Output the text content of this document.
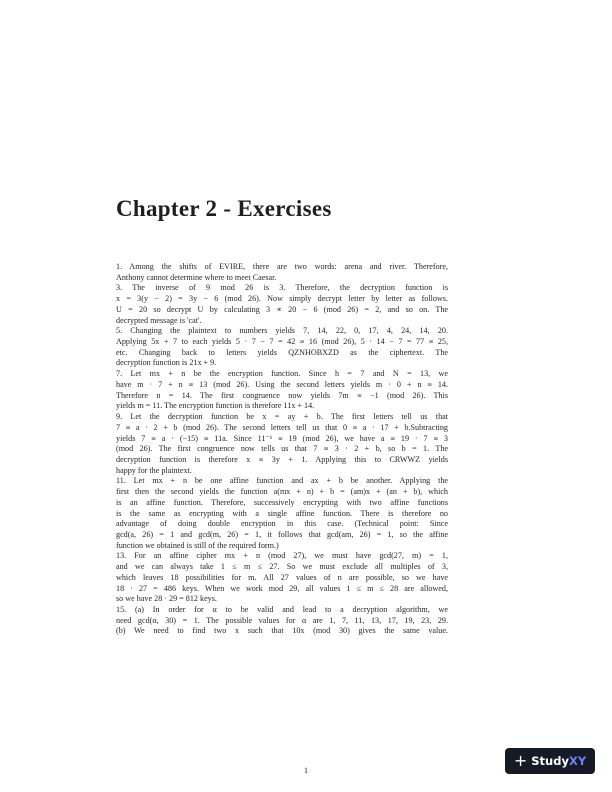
Chapter 2 - Exercises
1. Among the shifts of EVIRE, there are two words: arena and river. Therefore,
Anthony cannot determine where to meet Caesar.
3. The inverse of 9 mod 26 is 3. Therefore, the decryption function is
x = 3(y − 2) = 3y − 6 (mod 26). Now simply decrypt letter by letter as follows.
U = 20 so decrypt U by calculating 3 ∗ 20 − 6 (mod 26) = 2, and so on. The
decrypted message is 'cat'.
5. Changing the plaintext to numbers yields 7, 14, 22, 0, 17, 4, 24, 14, 20.
Applying 5x + 7 to each yields 5 · 7 − 7 = 42 ≡ 16 (mod 26), 5 · 14 − 7 = 77 ≡ 25,
etc. Changing back to letters yields QZNHOBXZD as the ciphertext. The
decryption function is 21x + 9.
7. Let mx + n be the encryption function. Since h = 7 and N = 13, we
have m · 7 + n ≡ 13 (mod 26). Using the second letters yields m · 0 + n ≡ 14.
Therefore n = 14. The first congruence now yields 7m ≡ −1 (mod 26). This
yields m = 11. The encryption function is therefore 11x + 14.
9. Let the decryption function be x = ay + b. The first letters tell us that
7 ≡ a · 2 + b (mod 26). The second letters tell us that 0 ≡ a · 17 + b.Subtracting
yields 7 ≡ a · (−15) ≡ 11a. Since 11⁻¹ ≡ 19 (mod 26), we have a ≡ 19 · 7 ≡ 3
(mod 26). The first congruence now tells us that 7 ≡ 3 · 2 + b, so b = 1. The
decryption function is therefore x ≡ 3y + 1. Applying this to CRWWZ yields
happy for the plaintext.
11. Let mx + n be one affine function and ax + b be another. Applying the
first then the second yields the function a(mx + n) + b = (am)x + (an + b), which
is an affine function. Therefore, successively encrypting with two affine functions
is the same as encrypting with a single affine function. There is therefore no
advantage of doing double encryption in this case. (Technical point: Since
gcd(a, 26) = 1 and gcd(m, 26) = 1, it follows that gcd(am, 26) = 1, so the affine
function we obtained is still of the required form.)
13. For an affine cipher mx + n (mod 27), we must have gcd(27, m) = 1,
and we can always take 1 ≤ m ≤ 27. So we must exclude all multiples of 3,
which leaves 18 possibilities for m. All 27 values of n are possible, so we have
18 · 27 = 486 keys. When we work mod 29, all values 1 ≤ m ≤ 28 are allowed,
so we have 28 · 29 = 812 keys.
15. (a) In order for α to be valid and lead to a decryption algorithm, we
need gcd(α, 30) = 1. The possible values for α are 1, 7, 11, 13, 17, 19, 23, 29.
(b) We need to find two x such that 10x (mod 30) gives the same value.
1	+ StudyXY
